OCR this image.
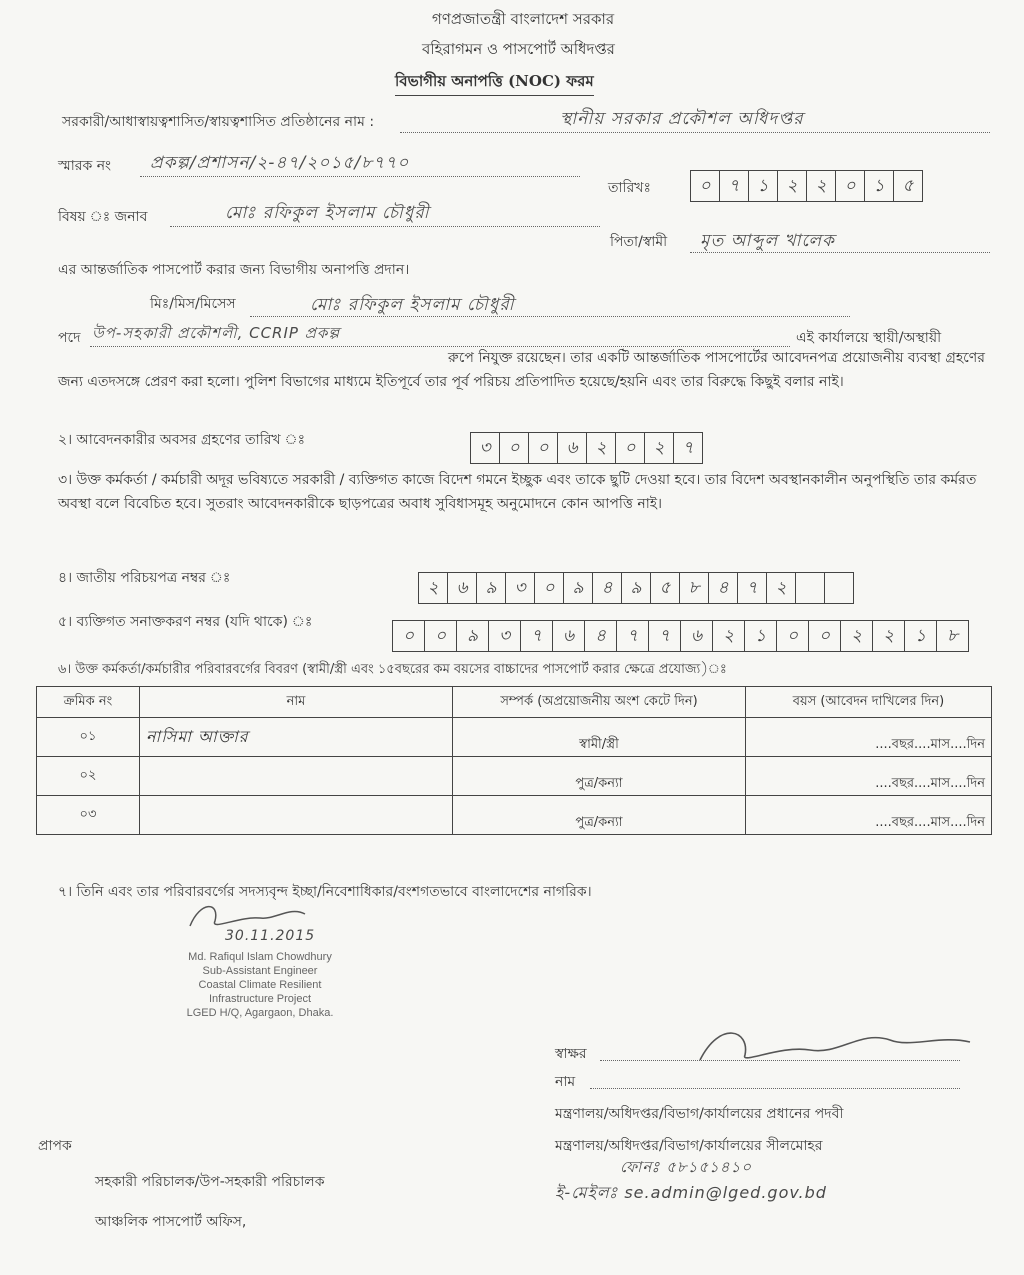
গণপ্রজাতন্ত্রী বাংলাদেশ সরকার
বহিরাগমন ও পাসপোর্ট অধিদপ্তর
বিভাগীয় অনাপত্তি (NOC) ফরম
সরকারী/আধাস্বায়ত্বশাসিত/স্বায়ত্বশাসিত প্রতিষ্ঠানের নাম :	স্থানীয় সরকার প্রকৌশল অধিদপ্তর
স্মারক নং প্রকল্প/প্রশাসন/২-৪৭/২০১৫/৮৭৭০
তারিখঃ	০	৭	১	২	২	০	১	৫
বিষয় ঃ জনাব	মোঃ রফিকুল ইসলাম চৌধুরী
পিতা/স্বামী মৃত আব্দুল খালেক
এর আন্তর্জাতিক পাসপোর্ট করার জন্য বিভাগীয় অনাপত্তি প্রদান।
মিঃ/মিস/মিসেস	মোঃ রফিকুল ইসলাম চৌধুরী
পদে উপ-সহকারী প্রকৌশলী, CCRIP প্রকল্প	এই কার্যালয়ে স্থায়ী/অস্থায়ী
রুপে নিযুক্ত রয়েছেন। তার একটি আন্তর্জাতিক পাসপোর্টের আবেদনপত্র প্রয়োজনীয় ব্যবস্থা গ্রহণের জন্য এতদসঙ্গে প্রেরণ করা হলো। পুলিশ বিভাগের মাধ্যমে ইতিপূর্বে তার পূর্ব পরিচয় প্রতিপাদিত হয়েছে/হয়নি এবং তার বিরুদ্ধে কিছুই বলার নাই।
২। আবেদনকারীর অবসর গ্রহণের তারিখ ঃ	৩	০	০	৬	২	০	২	৭
৩। উক্ত কর্মকর্তা / কর্মচারী অদূর ভবিষ্যতে সরকারী / ব্যক্তিগত কাজে বিদেশ গমনে ইচ্ছুক এবং তাকে ছুটি দেওয়া হবে। তার বিদেশ অবস্থানকালীন অনুপস্থিতি তার কর্মরত অবস্থা বলে বিবেচিত হবে। সুতরাং আবেদনকারীকে ছাড়পত্রের অবাধ সুবিধাসমূহ অনুমোদনে কোন আপত্তি নাই।
৪। জাতীয় পরিচয়পত্র নম্বর ঃ	২	৬	৯	৩	০	৯	৪	৯	৫	৮	৪	৭	২
৫। ব্যক্তিগত সনাক্তকরণ নম্বর (যদি থাকে) ঃ
০	০	৯	৩	৭	৬	৪	৭	৭	৬	২	১	০	০	২	২	১	৮
৬। উক্ত কর্মকর্তা/কর্মচারীর পরিবারবর্গের বিবরণ (স্বামী/স্ত্রী এবং ১৫বছরের কম বয়সের বাচ্চাদের পাসপোর্ট করার ক্ষেত্রে প্রযোজ্য)ঃ
ক্রমিক নং	নাম	সম্পর্ক (অপ্রয়োজনীয় অংশ কেটে দিন)	বয়স (আবেদন দাখিলের দিন)
০১	নাসিমা আক্তার	স্বামী/স্ত্রী	....বছর....মাস....দিন
০২		পুত্র/কন্যা	....বছর....মাস....দিন
০৩		পুত্র/কন্যা	....বছর....মাস....দিন
৭। তিনি এবং তার পরিবারবর্গের সদস্যবৃন্দ ইচ্ছা/নিবেশাধিকার/বংশগতভাবে বাংলাদেশের নাগরিক।
30.11.2015
Md. Rafiqul Islam Chowdhury
Sub-Assistant Engineer
Coastal Climate Resilient
Infrastructure Project
LGED H/Q, Agargaon, Dhaka.
স্বাক্ষর
নাম
মন্ত্রণালয়/অধিদপ্তর/বিভাগ/কার্যালয়ের প্রধানের পদবী
মন্ত্রণালয়/অধিদপ্তর/বিভাগ/কার্যালয়ের সীলমোহর
ফোনঃ ৫৮১৫১৪১০
ই-মেইলঃ se.admin@lged.gov.bd
প্রাপক
সহকারী পরিচালক/উপ-সহকারী পরিচালক
আঞ্চলিক পাসপোর্ট অফিস,
